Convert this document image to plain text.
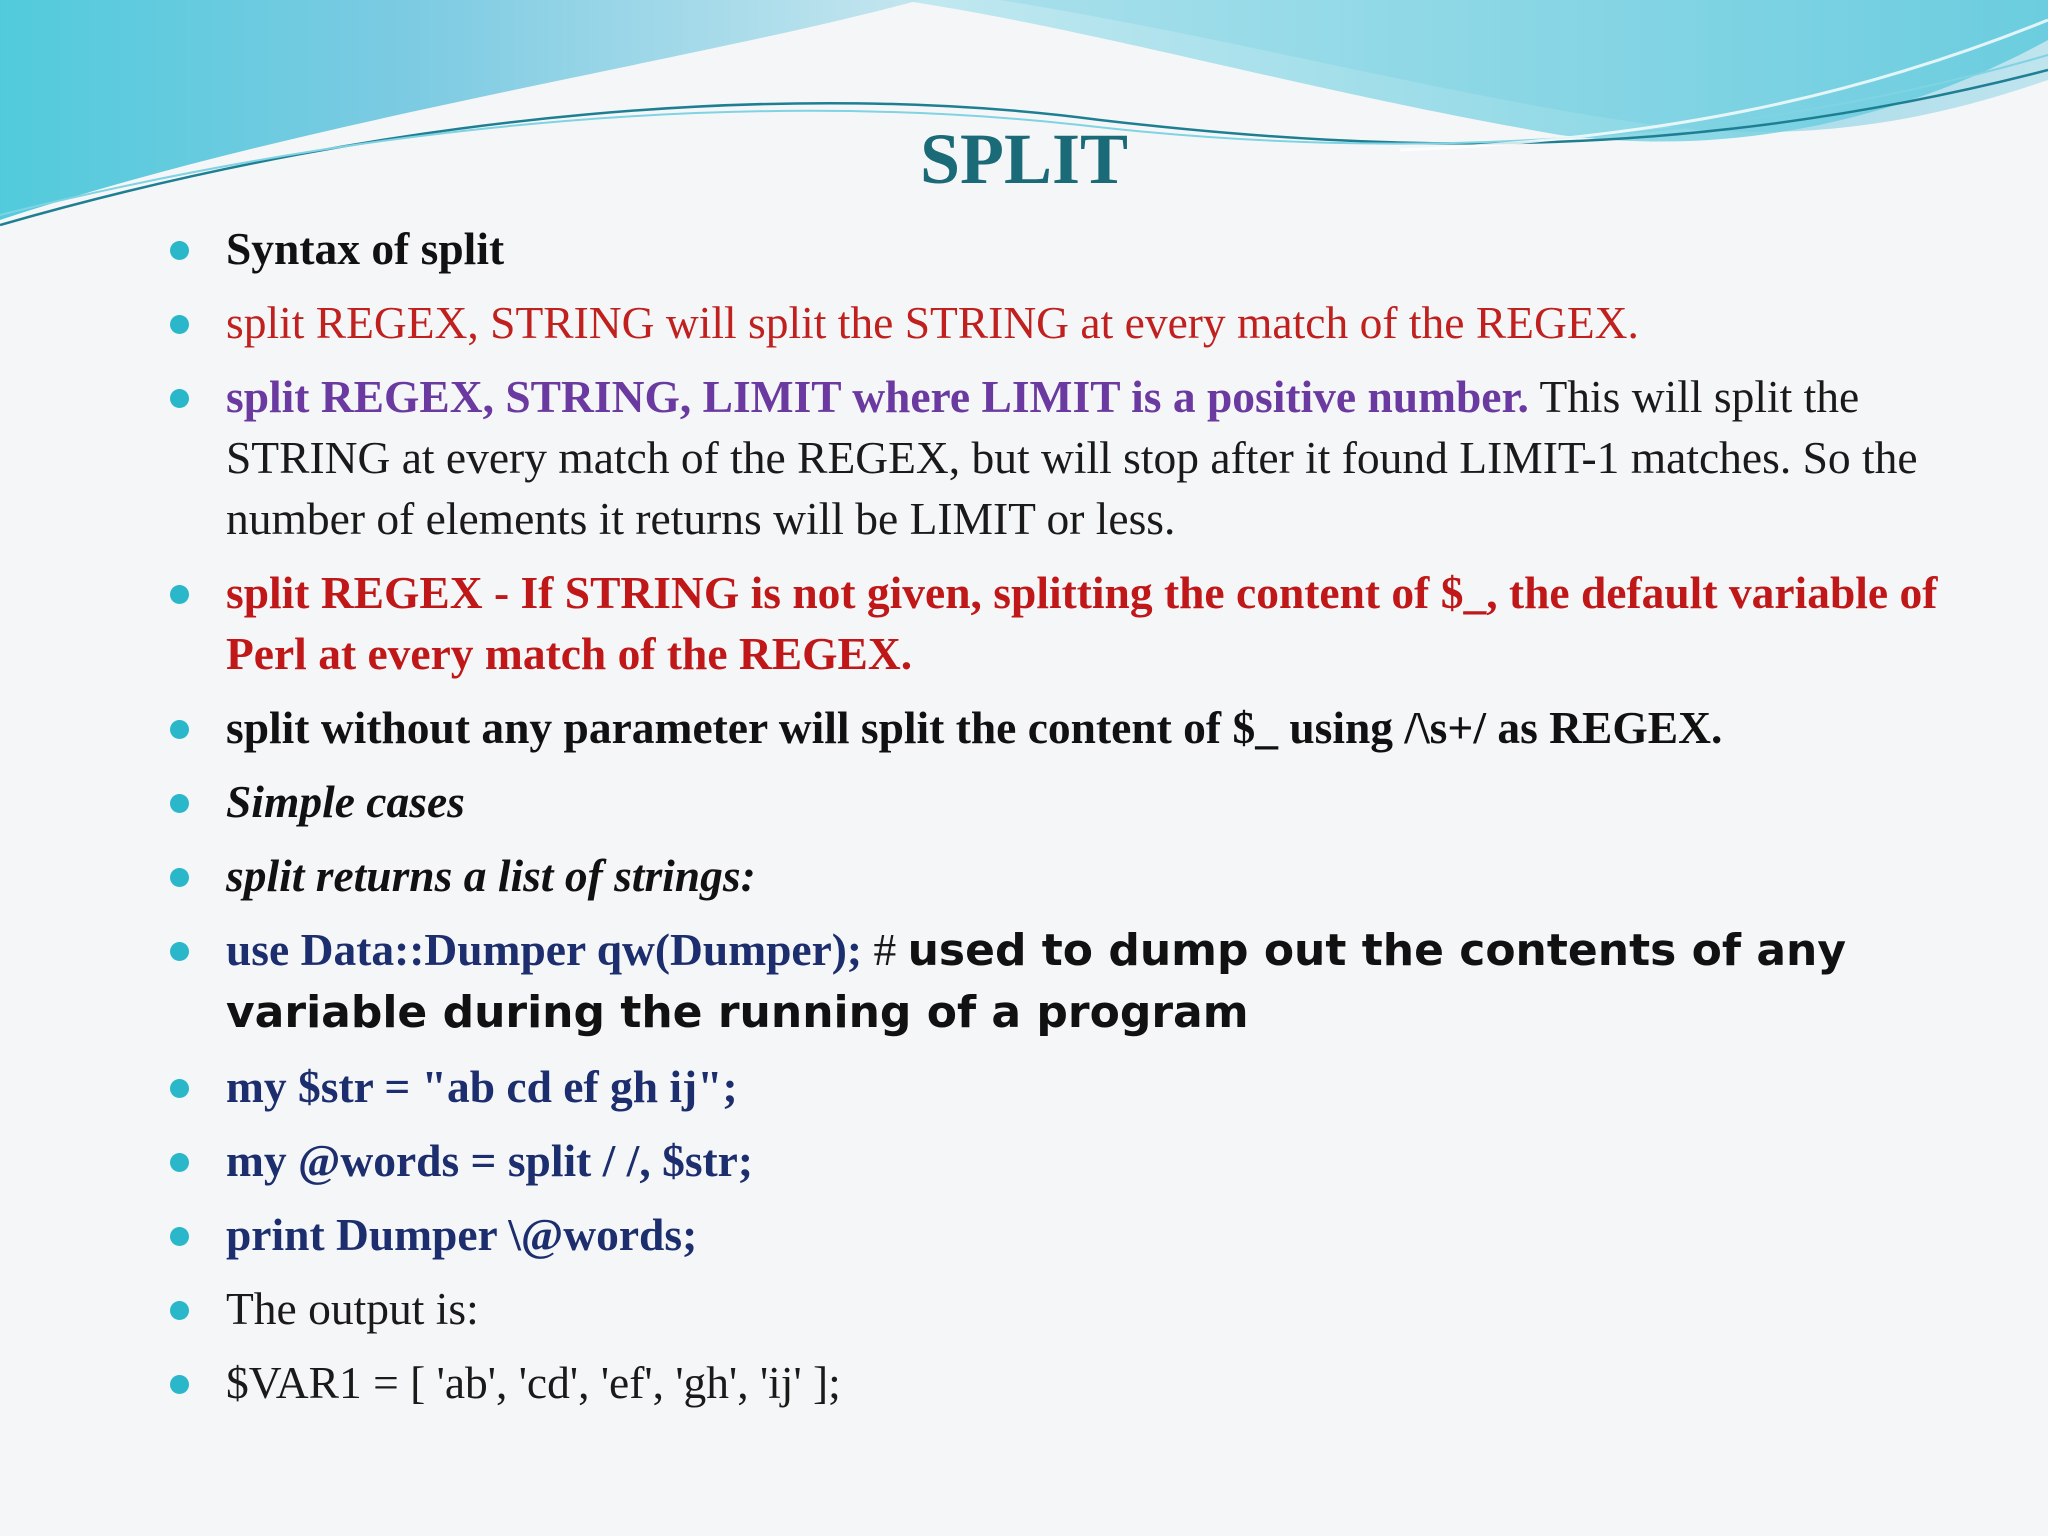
SPLIT
Syntax of split
split REGEX, STRING will split the STRING at every match of the REGEX.
split REGEX, STRING, LIMIT where LIMIT is a positive number. This will split the STRING at every match of the REGEX, but will stop after it found LIMIT-1 matches. So the number of elements it returns will be LIMIT or less.
split REGEX - If STRING is not given, splitting the content of $_, the default variable of Perl at every match of the REGEX.
split without any parameter will split the content of $_ using /\s+/ as REGEX.
Simple cases
split returns a list of strings:
use Data::Dumper qw(Dumper); # used to dump out the contents of any variable during the running of a program
my $str = "ab cd ef gh ij";
my @words = split / /, $str;
print Dumper \@words;
The output is:
$VAR1 = [ 'ab', 'cd', 'ef', 'gh', 'ij' ];
